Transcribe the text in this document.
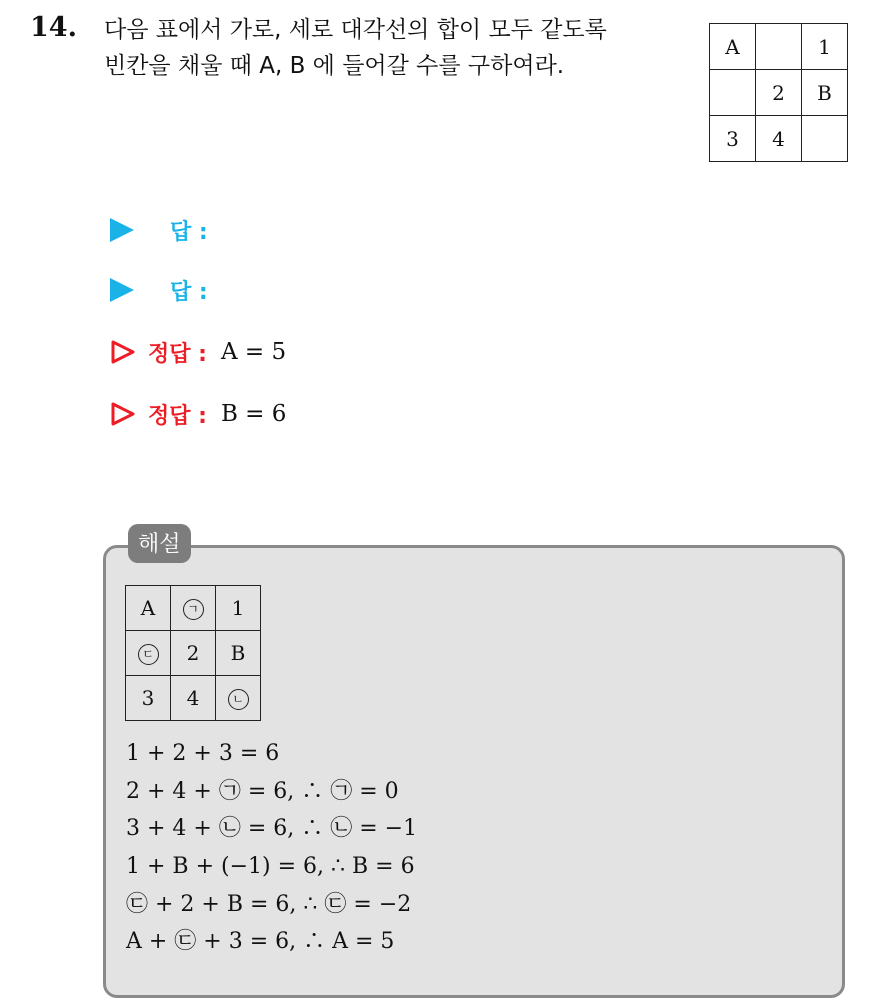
14. 다음 표에서 가로, 세로 대각선의 합이 모두 같도록
빈칸을 채울 때 A, B 에 들어갈 수를 구하여라.
A		1
	2	B
3	4	
답 :
답 :
정답 : A = 5
정답 : B = 6
해설
A	ㄱ	1
ㄷ	2	B
3	4	ㄴ
1 + 2 + 3 = 6
2 + 4 + ㉠ = 6, ∴ ㉠ = 0
3 + 4 + ㉡ = 6, ∴ ㉡ = −1
1 + B + (−1) = 6, ∴ B = 6
㉢ + 2 + B = 6, ∴ ㉢ = −2
A + ㉢ + 3 = 6, ∴ A = 5
